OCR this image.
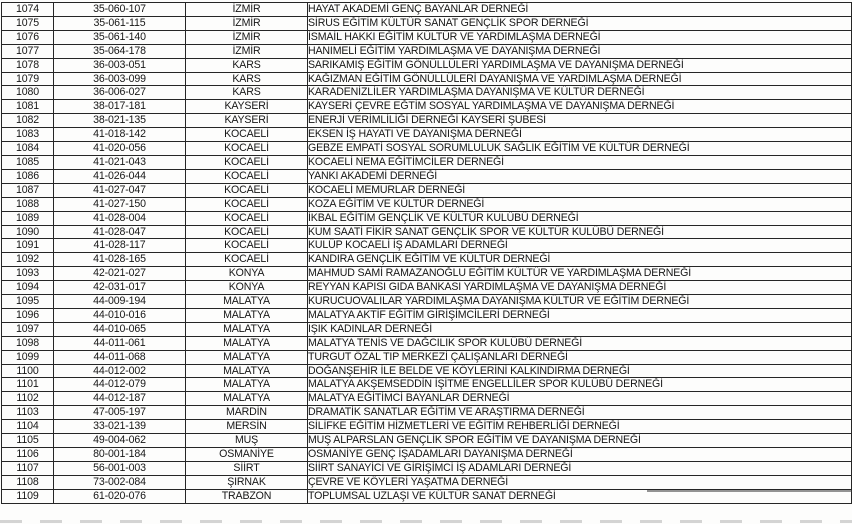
1074	35-060-107	İZMİR	HAYAT AKADEMİ GENÇ BAYANLAR DERNEĞİ
1075	35-061-115	İZMİR	SİRUS EĞİTİM KÜLTÜR SANAT GENÇLİK SPOR DERNEĞİ
1076	35-061-140	İZMİR	İSMAİL HAKKI EĞİTİM KÜLTÜR VE YARDIMLAŞMA DERNEĞİ
1077	35-064-178	İZMİR	HANIMELİ EĞİTİM YARDIMLAŞMA VE DAYANIŞMA DERNEĞİ
1078	36-003-051	KARS	SARIKAMIŞ EĞİTİM GÖNÜLLÜLERİ YARDIMLAŞMA VE DAYANIŞMA DERNEĞİ
1079	36-003-099	KARS	KAĞIZMAN EĞİTİM GÖNÜLLÜLERİ DAYANIŞMA VE YARDIMLAŞMA DERNEĞİ
1080	36-006-027	KARS	KARADENİZLİLER YARDIMLAŞMA DAYANIŞMA VE KÜLTÜR DERNEĞİ
1081	38-017-181	KAYSERİ	KAYSERİ ÇEVRE EĞTİM SOSYAL YARDIMLAŞMA VE DAYANIŞMA DERNEĞİ
1082	38-021-135	KAYSERİ	ENERJİ VERİMLİLİĞİ DERNEĞİ KAYSERİ ŞUBESİ
1083	41-018-142	KOCAELİ	EKSEN İŞ HAYATI VE DAYANIŞMA DERNEĞİ
1084	41-020-056	KOCAELİ	GEBZE EMPATİ SOSYAL SORUMLULUK SAĞLIK EĞİTİM VE KÜLTÜR DERNEĞİ
1085	41-021-043	KOCAELİ	KOCAELİ NEMA EĞİTİMCİLER DERNEĞİ
1086	41-026-044	KOCAELİ	YANKI AKADEMİ DERNEĞİ
1087	41-027-047	KOCAELİ	KOCAELİ MEMURLAR DERNEĞİ
1088	41-027-150	KOCAELİ	KOZA EĞİTİM VE KÜLTÜR DERNEĞİ
1089	41-028-004	KOCAELİ	İKBAL EĞİTİM GENÇLİK VE KÜLTÜR KULÜBÜ DERNEĞİ
1090	41-028-047	KOCAELİ	KUM SAATİ FİKİR SANAT GENÇLİK SPOR VE KÜLTÜR KULÜBÜ DERNEĞİ
1091	41-028-117	KOCAELİ	KULÜP KOCAELİ İŞ ADAMLARI DERNEĞİ
1092	41-028-165	KOCAELİ	KANDIRA GENÇLİK EĞİTİM VE KÜLTÜR DERNEĞİ
1093	42-021-027	KONYA	MAHMUD SAMİ RAMAZANOĞLU EĞİTİM KÜLTÜR VE YARDIMLAŞMA DERNEĞİ
1094	42-031-017	KONYA	REYYAN KAPISI GIDA BANKASI YARDIMLAŞMA VE DAYANIŞMA DERNEĞİ
1095	44-009-194	MALATYA	KURUCUOVALILAR YARDIMLAŞMA DAYANIŞMA KÜLTÜR VE EĞİTİM DERNEĞİ
1096	44-010-016	MALATYA	MALATYA AKTİF EĞİTİM GİRİŞİMCİLERİ DERNEĞİ
1097	44-010-065	MALATYA	IŞIK KADINLAR DERNEĞİ
1098	44-011-061	MALATYA	MALATYA TENİS VE DAĞCILIK SPOR KULÜBÜ DERNEĞİ
1099	44-011-068	MALATYA	TURGUT ÖZAL TIP MERKEZİ ÇALIŞANLARI DERNEĞİ
1100	44-012-002	MALATYA	DOĞANŞEHİR İLE BELDE VE KÖYLERİNİ KALKINDIRMA DERNEĞİ
1101	44-012-079	MALATYA	MALATYA AKŞEMSEDDİN İŞİTME ENGELLİLER SPOR KULÜBÜ DERNEĞİ
1102	44-012-187	MALATYA	MALATYA EĞİTİMCİ BAYANLAR DERNEĞİ
1103	47-005-197	MARDİN	DRAMATİK SANATLAR EĞİTİM VE ARAŞTIRMA DERNEĞİ
1104	33-021-139	MERSİN	SİLİFKE EĞİTİM HİZMETLERİ VE EĞİTİM REHBERLİĞİ DERNEĞİ
1105	49-004-062	MUŞ	MUŞ ALPARSLAN GENÇLİK SPOR EĞİTİM VE DAYANIŞMA DERNEĞİ
1106	80-001-184	OSMANİYE	OSMANİYE GENÇ İŞADAMLARI DAYANIŞMA DERNEĞİ
1107	56-001-003	SİİRT	SİİRT SANAYİCİ VE GİRİŞİMCİ İŞ ADAMLARI DERNEĞİ
1108	73-002-084	ŞIRNAK	ÇEVRE VE KÖYLERİ YAŞATMA DERNEĞİ
1109	61-020-076	TRABZON	TOPLUMSAL UZLAŞI VE KÜLTÜR SANAT DERNEĞİ
